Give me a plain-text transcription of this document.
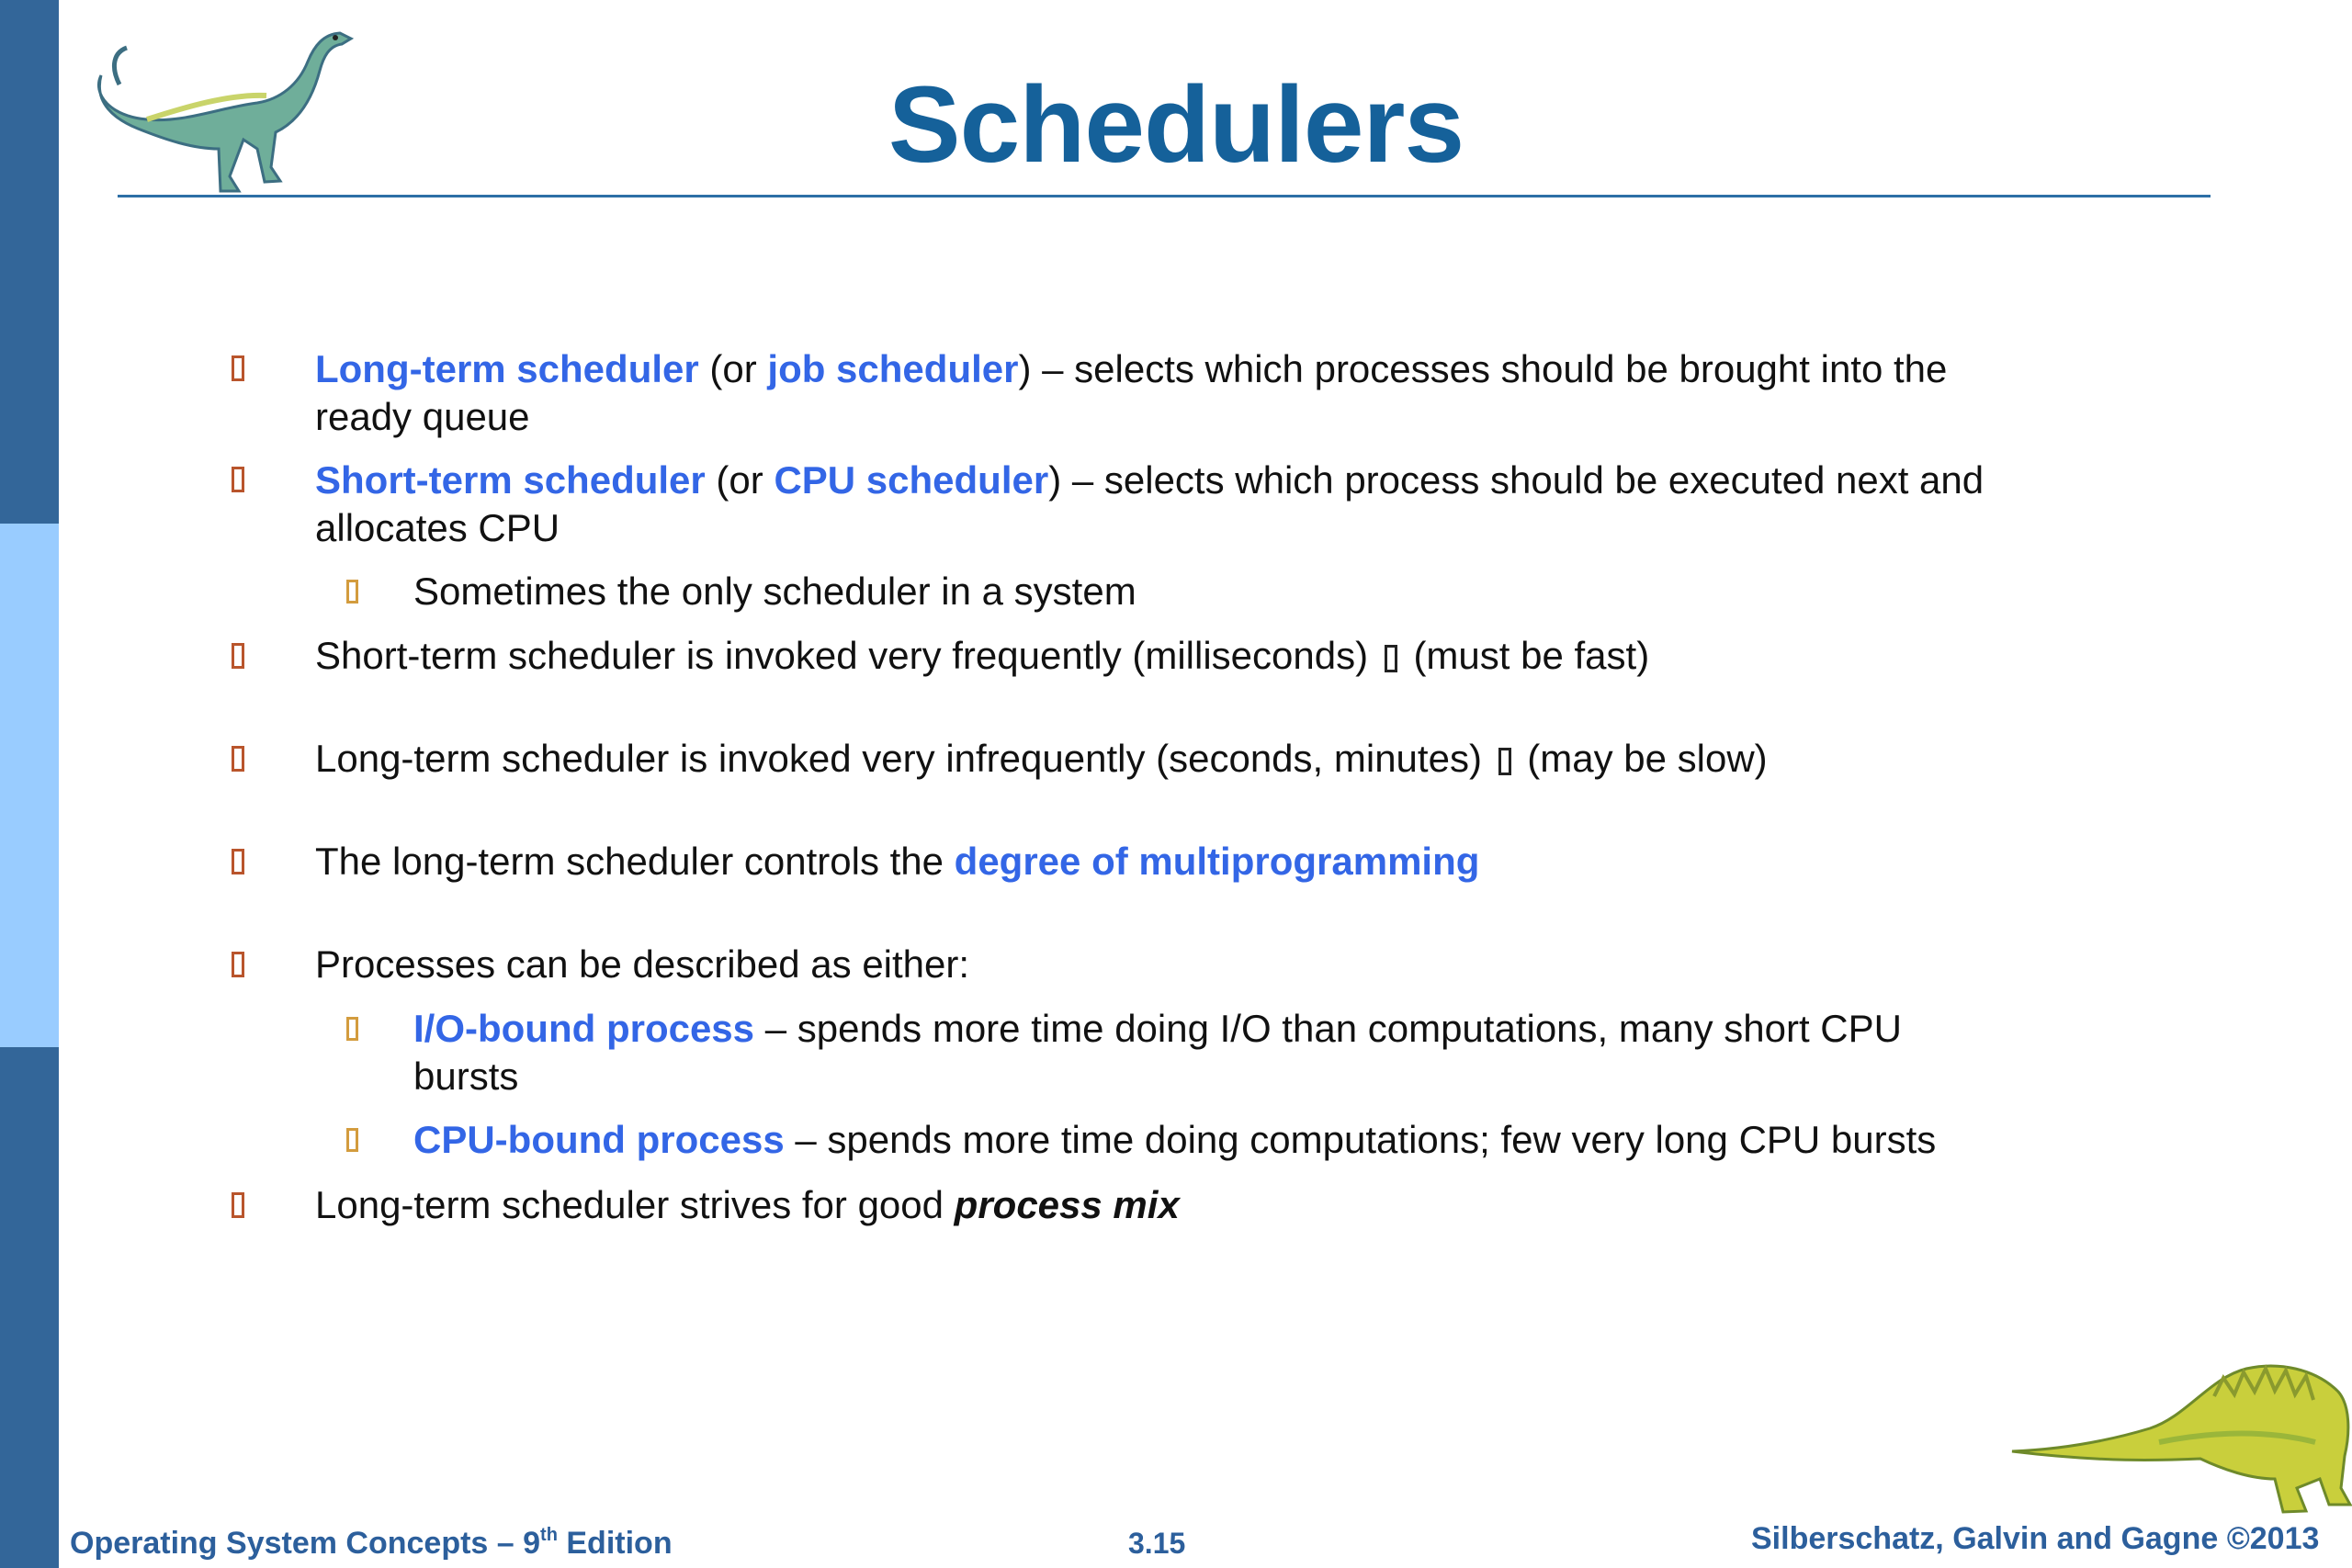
Schedulers
Long-term scheduler (or job scheduler) – selects which processes should be brought into the
ready queue
Short-term scheduler (or CPU scheduler) – selects which process should be executed next and
allocates CPU
Sometimes the only scheduler in a system
Short-term scheduler is invoked very frequently (milliseconds)  (must be fast)
Long-term scheduler is invoked very infrequently (seconds, minutes)  (may be slow)
The long-term scheduler controls the degree of multiprogramming
Processes can be described as either:
I/O-bound process – spends more time doing I/O than computations, many short CPU
bursts
CPU-bound process – spends more time doing computations; few very long CPU bursts
Long-term scheduler strives for good process mix
Operating System Concepts – 9th Edition	3.15	Silberschatz, Galvin and Gagne ©2013
